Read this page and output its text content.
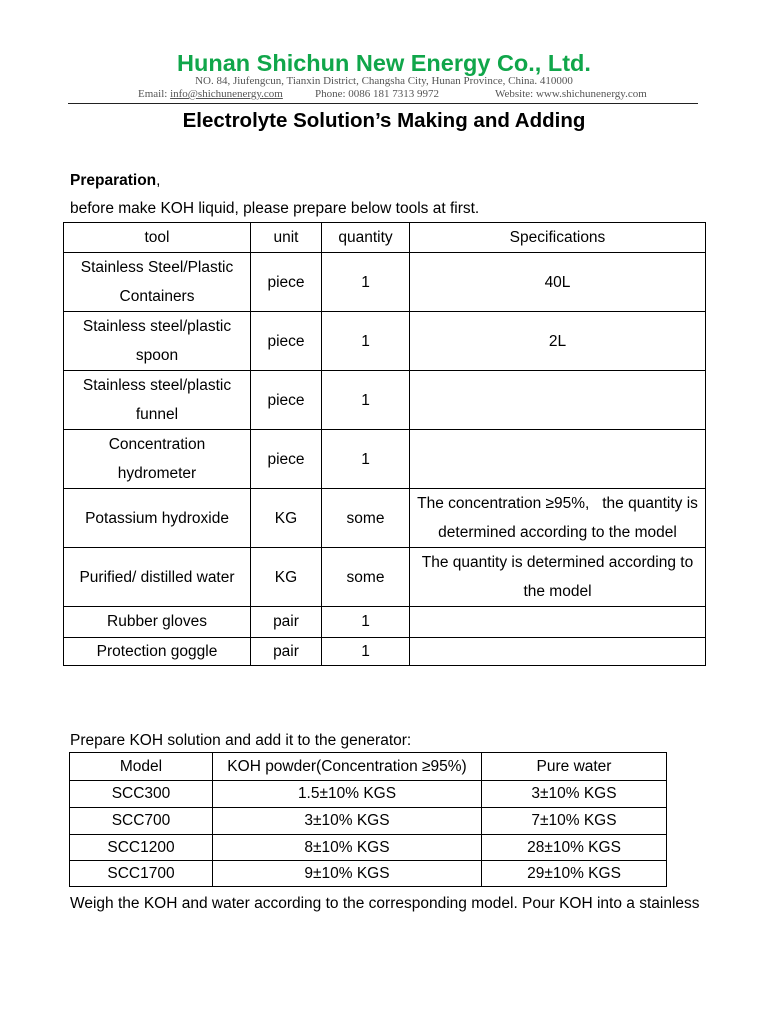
Hunan Shichun New Energy Co., Ltd.
NO. 84, Jiufengcun, Tianxin District, Changsha City, Hunan Province, China. 410000
Email: info@shichunenergy.com	Phone: 0086 181 7313 9972	Website: www.shichunenergy.com
Electrolyte Solution’s Making and Adding
Preparation,
before make KOH liquid, please prepare below tools at first.
tool	unit	quantity	Specifications
Stainless Steel/Plastic Containers	piece	1	40L
Stainless steel/plastic spoon	piece	1	2L
Stainless steel/plastic funnel	piece	1	
Concentration hydrometer	piece	1	
Potassium hydroxide	KG	some	The concentration ≥95%,   the quantity is determined according to the model
Purified/ distilled water	KG	some	The quantity is determined according to the model
Rubber gloves	pair	1	
Protection goggle	pair	1	
Prepare KOH solution and add it to the generator:
Model	KOH powder(Concentration ≥95%)	Pure water
SCC300	1.5±10% KGS	3±10% KGS
SCC700	3±10% KGS	7±10% KGS
SCC1200	8±10% KGS	28±10% KGS
SCC1700	9±10% KGS	29±10% KGS
Weigh the KOH and water according to the corresponding model. Pour KOH into a stainless
